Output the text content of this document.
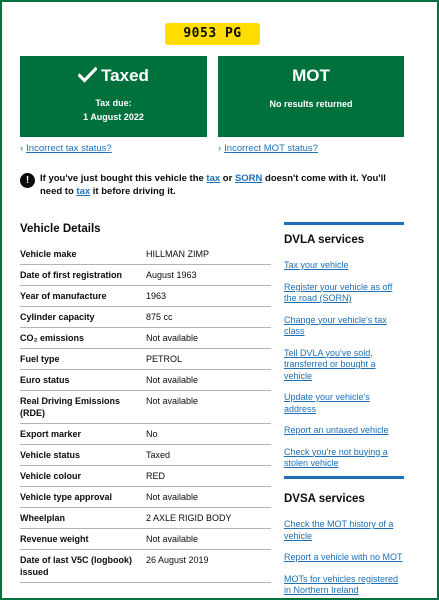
9053 PG
Taxed
Tax due:
1 August 2022
MOT
No results returned
› Incorrect tax status?	› Incorrect MOT status?
!	If you've just bought this vehicle the tax or SORN doesn't come with it. You'll need to tax it before driving it.
Vehicle Details
Vehicle make	HILLMAN ZIMP
Date of first registration	August 1963
Year of manufacture	1963
Cylinder capacity	875 cc
CO₂ emissions	Not available
Fuel type	PETROL
Euro status	Not available
Real Driving Emissions (RDE)	Not available
Export marker	No
Vehicle status	Taxed
Vehicle colour	RED
Vehicle type approval	Not available
Wheelplan	2 AXLE RIGID BODY
Revenue weight	Not available
Date of last V5C (logbook) issued	26 August 2019
DVLA services
Tax your vehicle
Register your vehicle as off the road (SORN)
Change your vehicle's tax class
Tell DVLA you've sold, transferred or bought a vehicle
Update your vehicle's address
Report an untaxed vehicle
Check you're not buying a stolen vehicle
DVSA services
Check the MOT history of a vehicle
Report a vehicle with no MOT
MOTs for vehicles registered in Northern Ireland
